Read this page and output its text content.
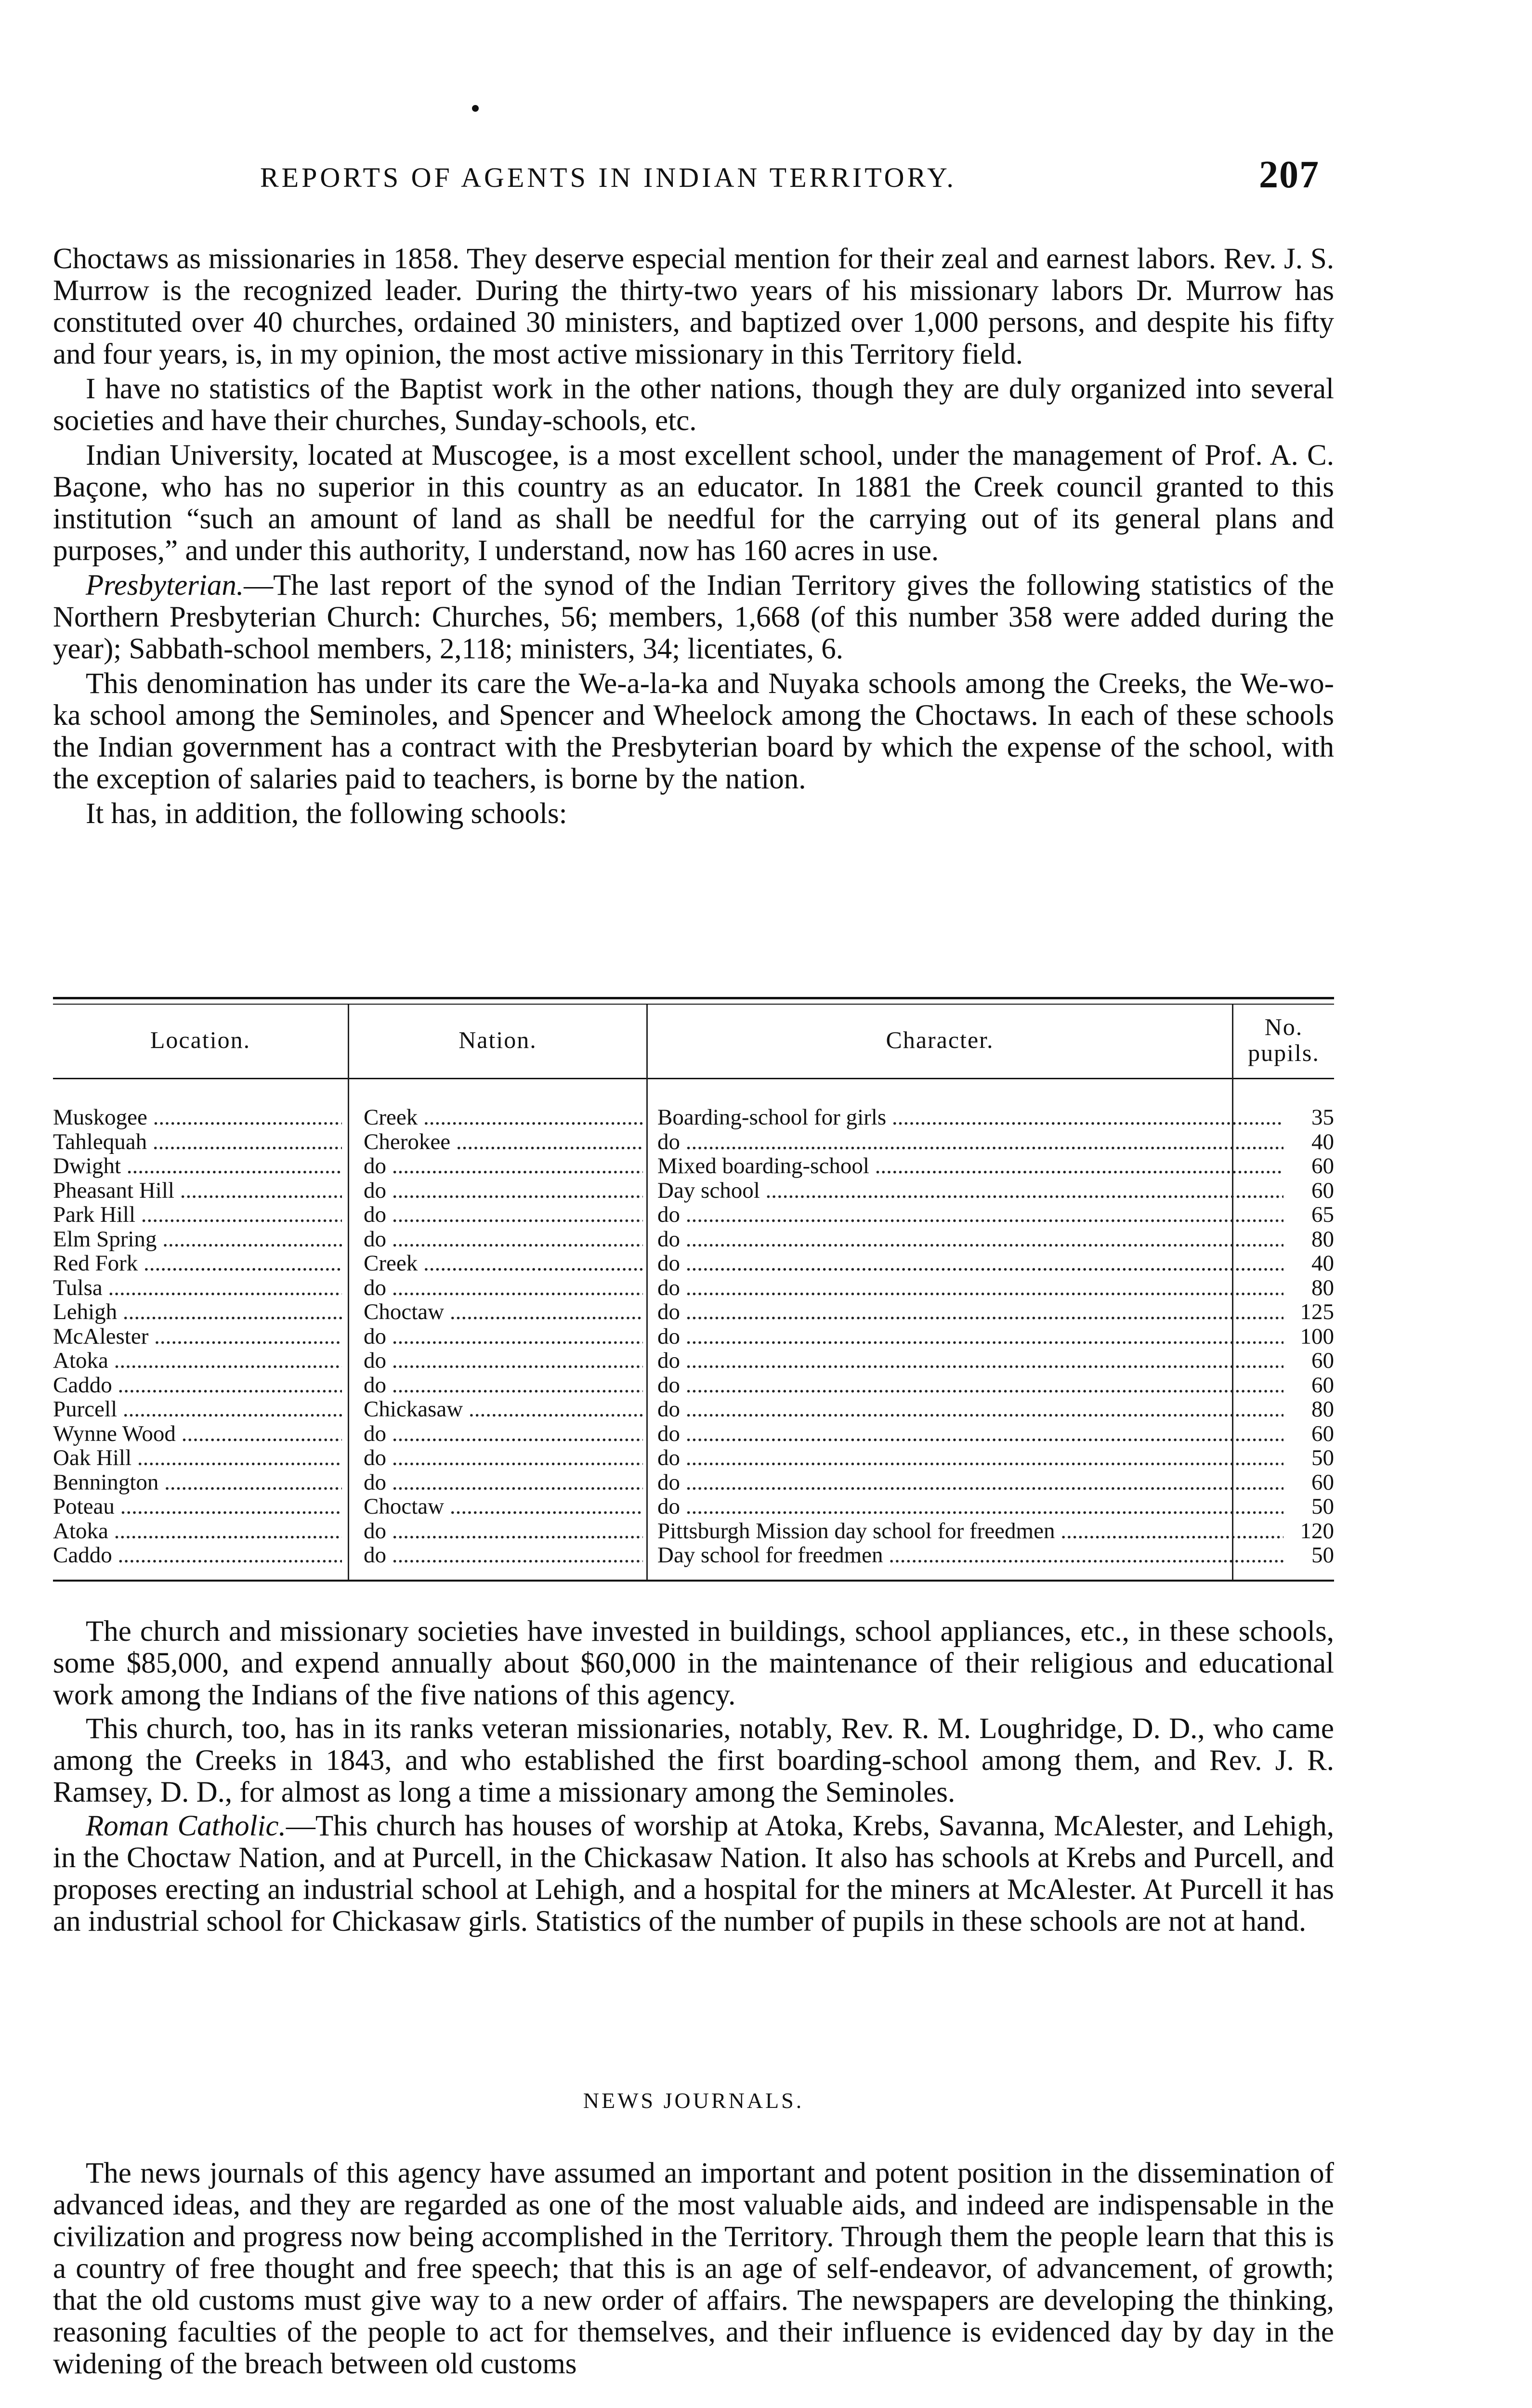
REPORTS OF AGENTS IN INDIAN TERRITORY.	207

Choctaws as missionaries in 1858. They deserve especial mention for their zeal and earnest labors. Rev. J. S. Murrow is the recognized leader. During the thirty-two years of his missionary labors Dr. Murrow has constituted over 40 churches, ordained 30 ministers, and baptized over 1,000 persons, and despite his fifty and four years, is, in my opinion, the most active missionary in this Territory field.

I have no statistics of the Baptist work in the other nations, though they are duly organized into several societies and have their churches, Sunday-schools, etc.

Indian University, located at Muscogee, is a most excellent school, under the management of Prof. A. C. Baçone, who has no superior in this country as an educator. In 1881 the Creek council granted to this institution “such an amount of land as shall be needful for the carrying out of its general plans and purposes,” and under this authority, I understand, now has 160 acres in use.

Presbyterian.—The last report of the synod of the Indian Territory gives the following statistics of the Northern Presbyterian Church: Churches, 56; members, 1,668 (of this number 358 were added during the year); Sabbath-school members, 2,118; ministers, 34; licentiates, 6.

This denomination has under its care the We-a-la-ka and Nuyaka schools among the Creeks, the We-wo-ka school among the Seminoles, and Spencer and Wheelock among the Choctaws. In each of these schools the Indian government has a contract with the Presbyterian board by which the expense of the school, with the exception of salaries paid to teachers, is borne by the nation.

It has, in addition, the following schools:

Location.	Nation.	Character.	No.
pupils.
Muskogee .....	Creek .....	Boarding-school for girls .....	35
Tahlequah .....	Cherokee .....	do .....	40
Dwight .....	do .....	Mixed boarding-school .....	60
Pheasant Hill .....	do .....	Day school .....	60
Park Hill .....	do .....	do .....	65
Elm Spring .....	do .....	do .....	80
Red Fork .....	Creek .....	do .....	40
Tulsa .....	do .....	do .....	80
Lehigh .....	Choctaw .....	do .....	125
McAlester .....	do .....	do .....	100
Atoka .....	do .....	do .....	60
Caddo .....	do .....	do .....	60
Purcell .....	Chickasaw .....	do .....	80
Wynne Wood .....	do .....	do .....	60
Oak Hill .....	do .....	do .....	50
Bennington .....	do .....	do .....	60
Poteau .....	Choctaw .....	do .....	50
Atoka .....	do .....	Pittsburgh Mission day school for freedmen .....	120
Caddo .....	do .....	Day school for freedmen .....	50

The church and missionary societies have invested in buildings, school appliances, etc., in these schools, some $85,000, and expend annually about $60,000 in the maintenance of their religious and educational work among the Indians of the five nations of this agency.

This church, too, has in its ranks veteran missionaries, notably, Rev. R. M. Loughridge, D. D., who came among the Creeks in 1843, and who established the first boarding-school among them, and Rev. J. R. Ramsey, D. D., for almost as long a time a missionary among the Seminoles.

Roman Catholic.—This church has houses of worship at Atoka, Krebs, Savanna, McAlester, and Lehigh, in the Choctaw Nation, and at Purcell, in the Chickasaw Nation. It also has schools at Krebs and Purcell, and proposes erecting an industrial school at Lehigh, and a hospital for the miners at McAlester. At Purcell it has an industrial school for Chickasaw girls. Statistics of the number of pupils in these schools are not at hand.

NEWS JOURNALS.

The news journals of this agency have assumed an important and potent position in the dissemination of advanced ideas, and they are regarded as one of the most valuable aids, and indeed are indispensable in the civilization and progress now being accomplished in the Territory. Through them the people learn that this is a country of free thought and free speech; that this is an age of self-endeavor, of advancement, of growth; that the old customs must give way to a new order of affairs. The newspapers are developing the thinking, reasoning faculties of the people to act for themselves, and their influence is evidenced day by day in the widening of the breach between old customs
